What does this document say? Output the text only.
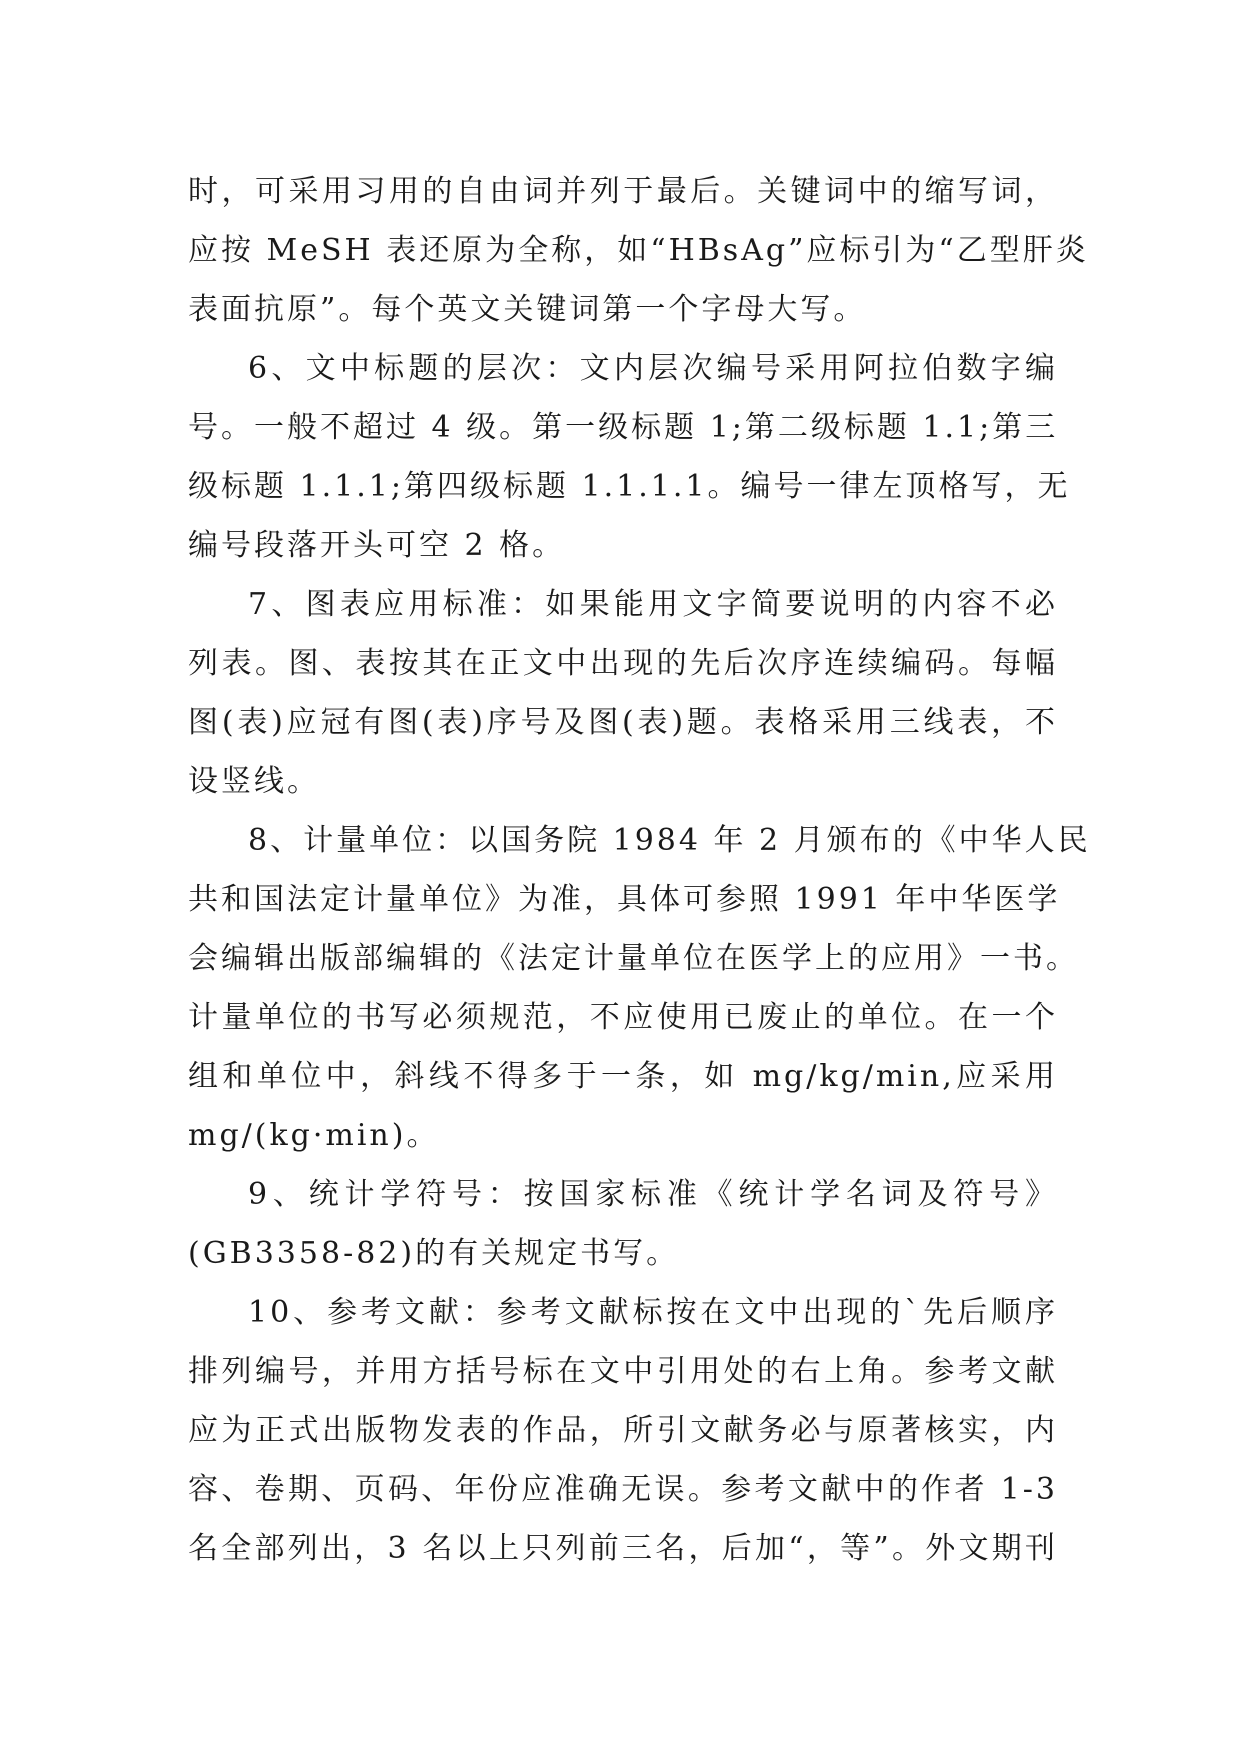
时，可采用习用的自由词并列于最后。关键词中的缩写词，
应按 MeSH 表还原为全称，如“HBsAg”应标引为“乙型肝炎
表面抗原”。每个英文关键词第一个字母大写。
6、文中标题的层次：文内层次编号采用阿拉伯数字编
号。一般不超过 4 级。第一级标题 1;第二级标题 1.1;第三
级标题 1.1.1;第四级标题 1.1.1.1。编号一律左顶格写，无
编号段落开头可空 2 格。
7、图表应用标准：如果能用文字简要说明的内容不必
列表。图、表按其在正文中出现的先后次序连续编码。每幅
图(表)应冠有图(表)序号及图(表)题。表格采用三线表，不
设竖线。
8、计量单位：以国务院 1984 年 2 月颁布的《中华人民
共和国法定计量单位》为准，具体可参照 1991 年中华医学
会编辑出版部编辑的《法定计量单位在医学上的应用》一书。
计量单位的书写必须规范，不应使用已废止的单位。在一个
组和单位中，斜线不得多于一条，如 mg/kg/min,应采用
mg/(kg·min)。
9、统计学符号：按国家标准《统计学名词及符号》
(GB3358-82)的有关规定书写。
10、参考文献：参考文献标按在文中出现的`先后顺序
排列编号，并用方括号标在文中引用处的右上角。参考文献
应为正式出版物发表的作品，所引文献务必与原著核实，内
容、卷期、页码、年份应准确无误。参考文献中的作者 1-3
名全部列出，3 名以上只列前三名，后加“，等”。外文期刊
